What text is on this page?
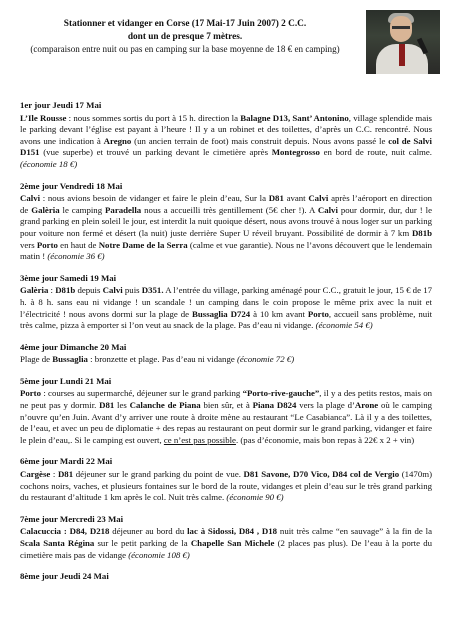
Stationner et vidanger en Corse (17 Mai-17 Juin 2007) 2 C.C.
dont un de presque 7 mètres.
(comparaison entre nuit ou pas en camping sur la base moyenne de 18 € en camping)
1er jour Jeudi 17 Mai
L’Ile Rousse : nous sommes sortis du port à 15 h. direction la Balagne D13, Sant’ Antonino, village splendide mais le parking devant l’église est payant à l’heure ! Il y a un robinet et des toilettes, d’après un C.C. rencontré. Nous avons une indication à Aregno (un ancien terrain de foot) mais construit depuis. Nous avons passé le col de Salvi D151 (vue superbe) et trouvé un parking devant le cimetière après Montegrosso en bord de route, nuit calme. (économie 18 €)
2ème jour Vendredi 18 Mai
Calvi : nous avions besoin de vidanger et faire le plein d’eau, Sur la D81 avant Calvi après l’aéroport en direction de Galèria le camping Paradella nous a accueilli très gentillement (5€ cher !). A Calvi pour dormir, dur, dur ! le grand parking en plein soleil le jour, est interdit la nuit quoique désert, nous avons trouvé à nous loger sur un parking pour voiture non fermé et désert (la nuit) juste derrière Super U réveil bruyant. Possibilité de dormir à 7 km D81b vers Porto en haut de Notre Dame de la Serra (calme et vue garantie). Nous ne l’avons découvert que le lendemain matin ! (économie 36 €)
3ème jour Samedi 19 Mai
Galèria : D81b depuis Calvi puis D351. A l’entrée du village, parking aménagé pour C.C., gratuit le jour, 15 € de 17 h. à 8 h. sans eau ni vidange ! un scandale ! un camping dans le coin propose le même prix avec la nuit et l’électricité ! nous avons dormi sur la plage de Bussaglia D724 à 10 km avant Porto, accueil sans problème, nuit très calme, pizza à emporter si l’on veut au snack de la plage. Pas d’eau ni vidange. (économie 54 €)
4ème jour Dimanche 20 Mai
Plage de Bussaglia : bronzette et plage. Pas d’eau ni vidange (économie 72 €)
5ème jour Lundi 21 Mai
Porto : courses au supermarché, déjeuner sur le grand parking “Porto-rive-gauche”, il y a des petits restos, mais on ne peut pas y dormir. D81 les Calanche de Piana bien sûr, et à Piana D824 vers la plage d’Arone où le camping n’ouvre qu’en Juin. Avant d’y arriver une route à droite mène au restaurant “Le Casabianca”. Là il y a des toilettes, de l’eau, et avec un peu de diplomatie + des repas au restaurant on peut dormir sur le grand parking, vidanger et faire le plein d’eau,. Si le camping est ouvert, ce n’est pas possible. (pas d’économie, mais bon repas à 22€ x 2 + vin)
6ème jour Mardi 22 Mai
Cargèse : D81 déjeuner sur le grand parking du point de vue. D81 Savone, D70 Vico, D84 col de Vergio (1470m) cochons noirs, vaches, et plusieurs fontaines sur le bord de la route, vidanges et plein d’eau sur le très grand parking du restaurant d’altitude 1 km après le col. Nuit très calme. (économie 90 €)
7ème jour Mercredi 23 Mai
Calacuccia : D84, D218 déjeuner au bord du lac à Sidossi, D84 , D18 nuit très calme “en sauvage” à la fin de la Scala Santa Régina sur le petit parking de la Chapelle San Michele (2 places pas plus). De l’eau à la porte du cimetière mais pas de vidange (économie 108 €)
8ème jour Jeudi 24 Mai
